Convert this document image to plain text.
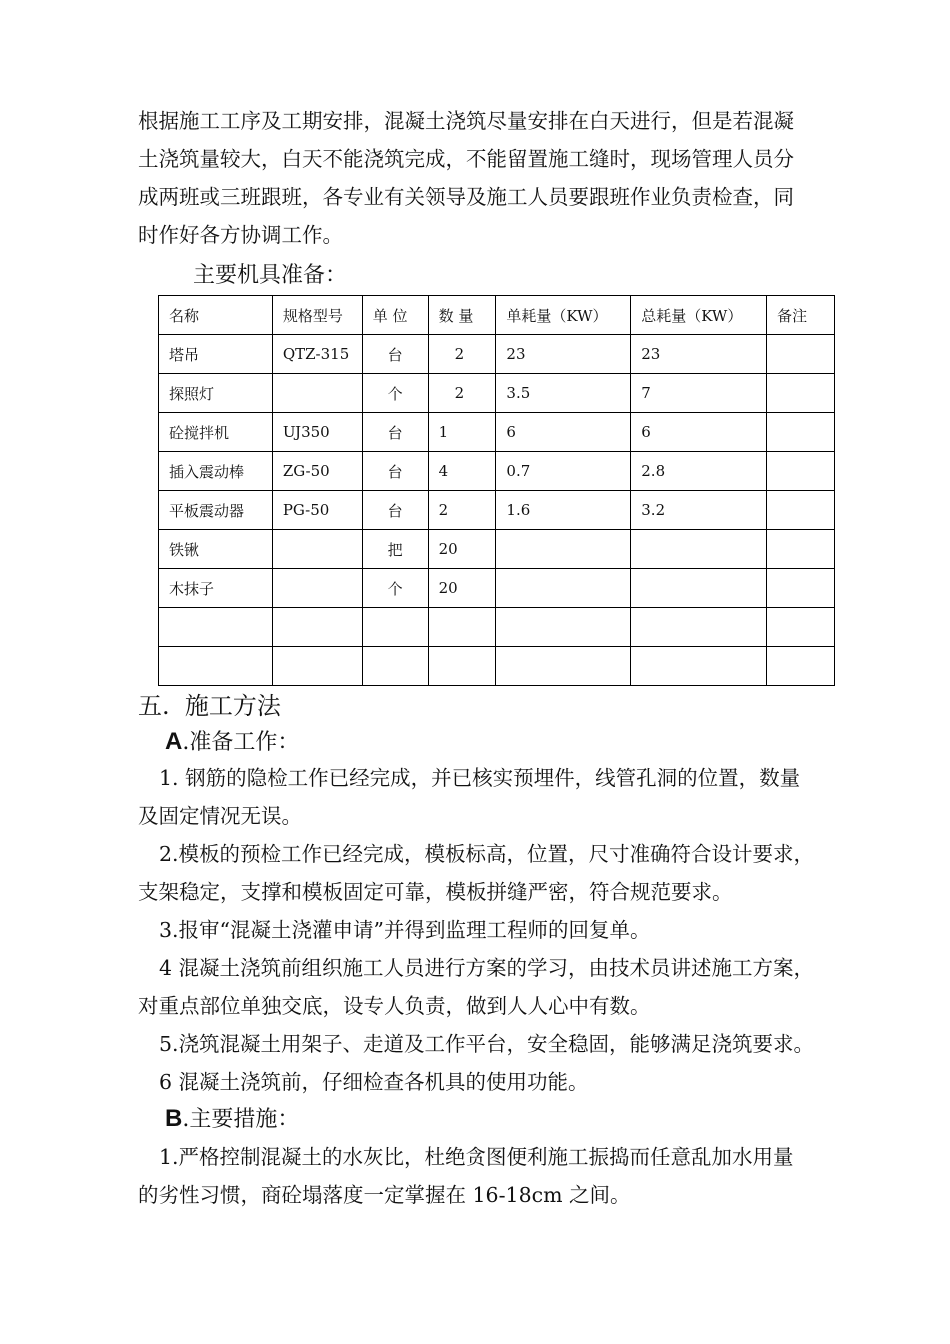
根据施工工序及工期安排，混凝土浇筑尽量安排在白天进行，但是若混凝
土浇筑量较大，白天不能浇筑完成，不能留置施工缝时，现场管理人员分
成两班或三班跟班，各专业有关领导及施工人员要跟班作业负责检查，同
时作好各方协调工作。

主要机具准备：

名称	规格型号	单 位	数 量	单耗量（KW）	总耗量（KW）	备注
塔吊	QTZ-315	台	2	23	23	
探照灯		个	2	3.5	7	
砼搅拌机	UJ350	台	1	6	6	
插入震动棒	ZG-50	台	4	0.7	2.8	
平板震动器	PG-50	台	2	1.6	3.2	
铁锹		把	20			
木抹子		个	20			

五. 施工方法

A.准备工作：

1. 钢筋的隐检工作已经完成，并已核实预埋件，线管孔洞的位置，数量
及固定情况无误。

2.模板的预检工作已经完成，模板标高，位置，尺寸准确符合设计要求，
支架稳定，支撑和模板固定可靠，模板拼缝严密，符合规范要求。

3.报审“混凝土浇灌申请”并得到监理工程师的回复单。

4 混凝土浇筑前组织施工人员进行方案的学习，由技术员讲述施工方案，
对重点部位单独交底，设专人负责，做到人人心中有数。

5.浇筑混凝土用架子、走道及工作平台，安全稳固，能够满足浇筑要求。

6 混凝土浇筑前，仔细检查各机具的使用功能。

B.主要措施：

1.严格控制混凝土的水灰比，杜绝贪图便利施工振捣而任意乱加水用量
的劣性习惯，商砼塌落度一定掌握在 16-18cm 之间。
